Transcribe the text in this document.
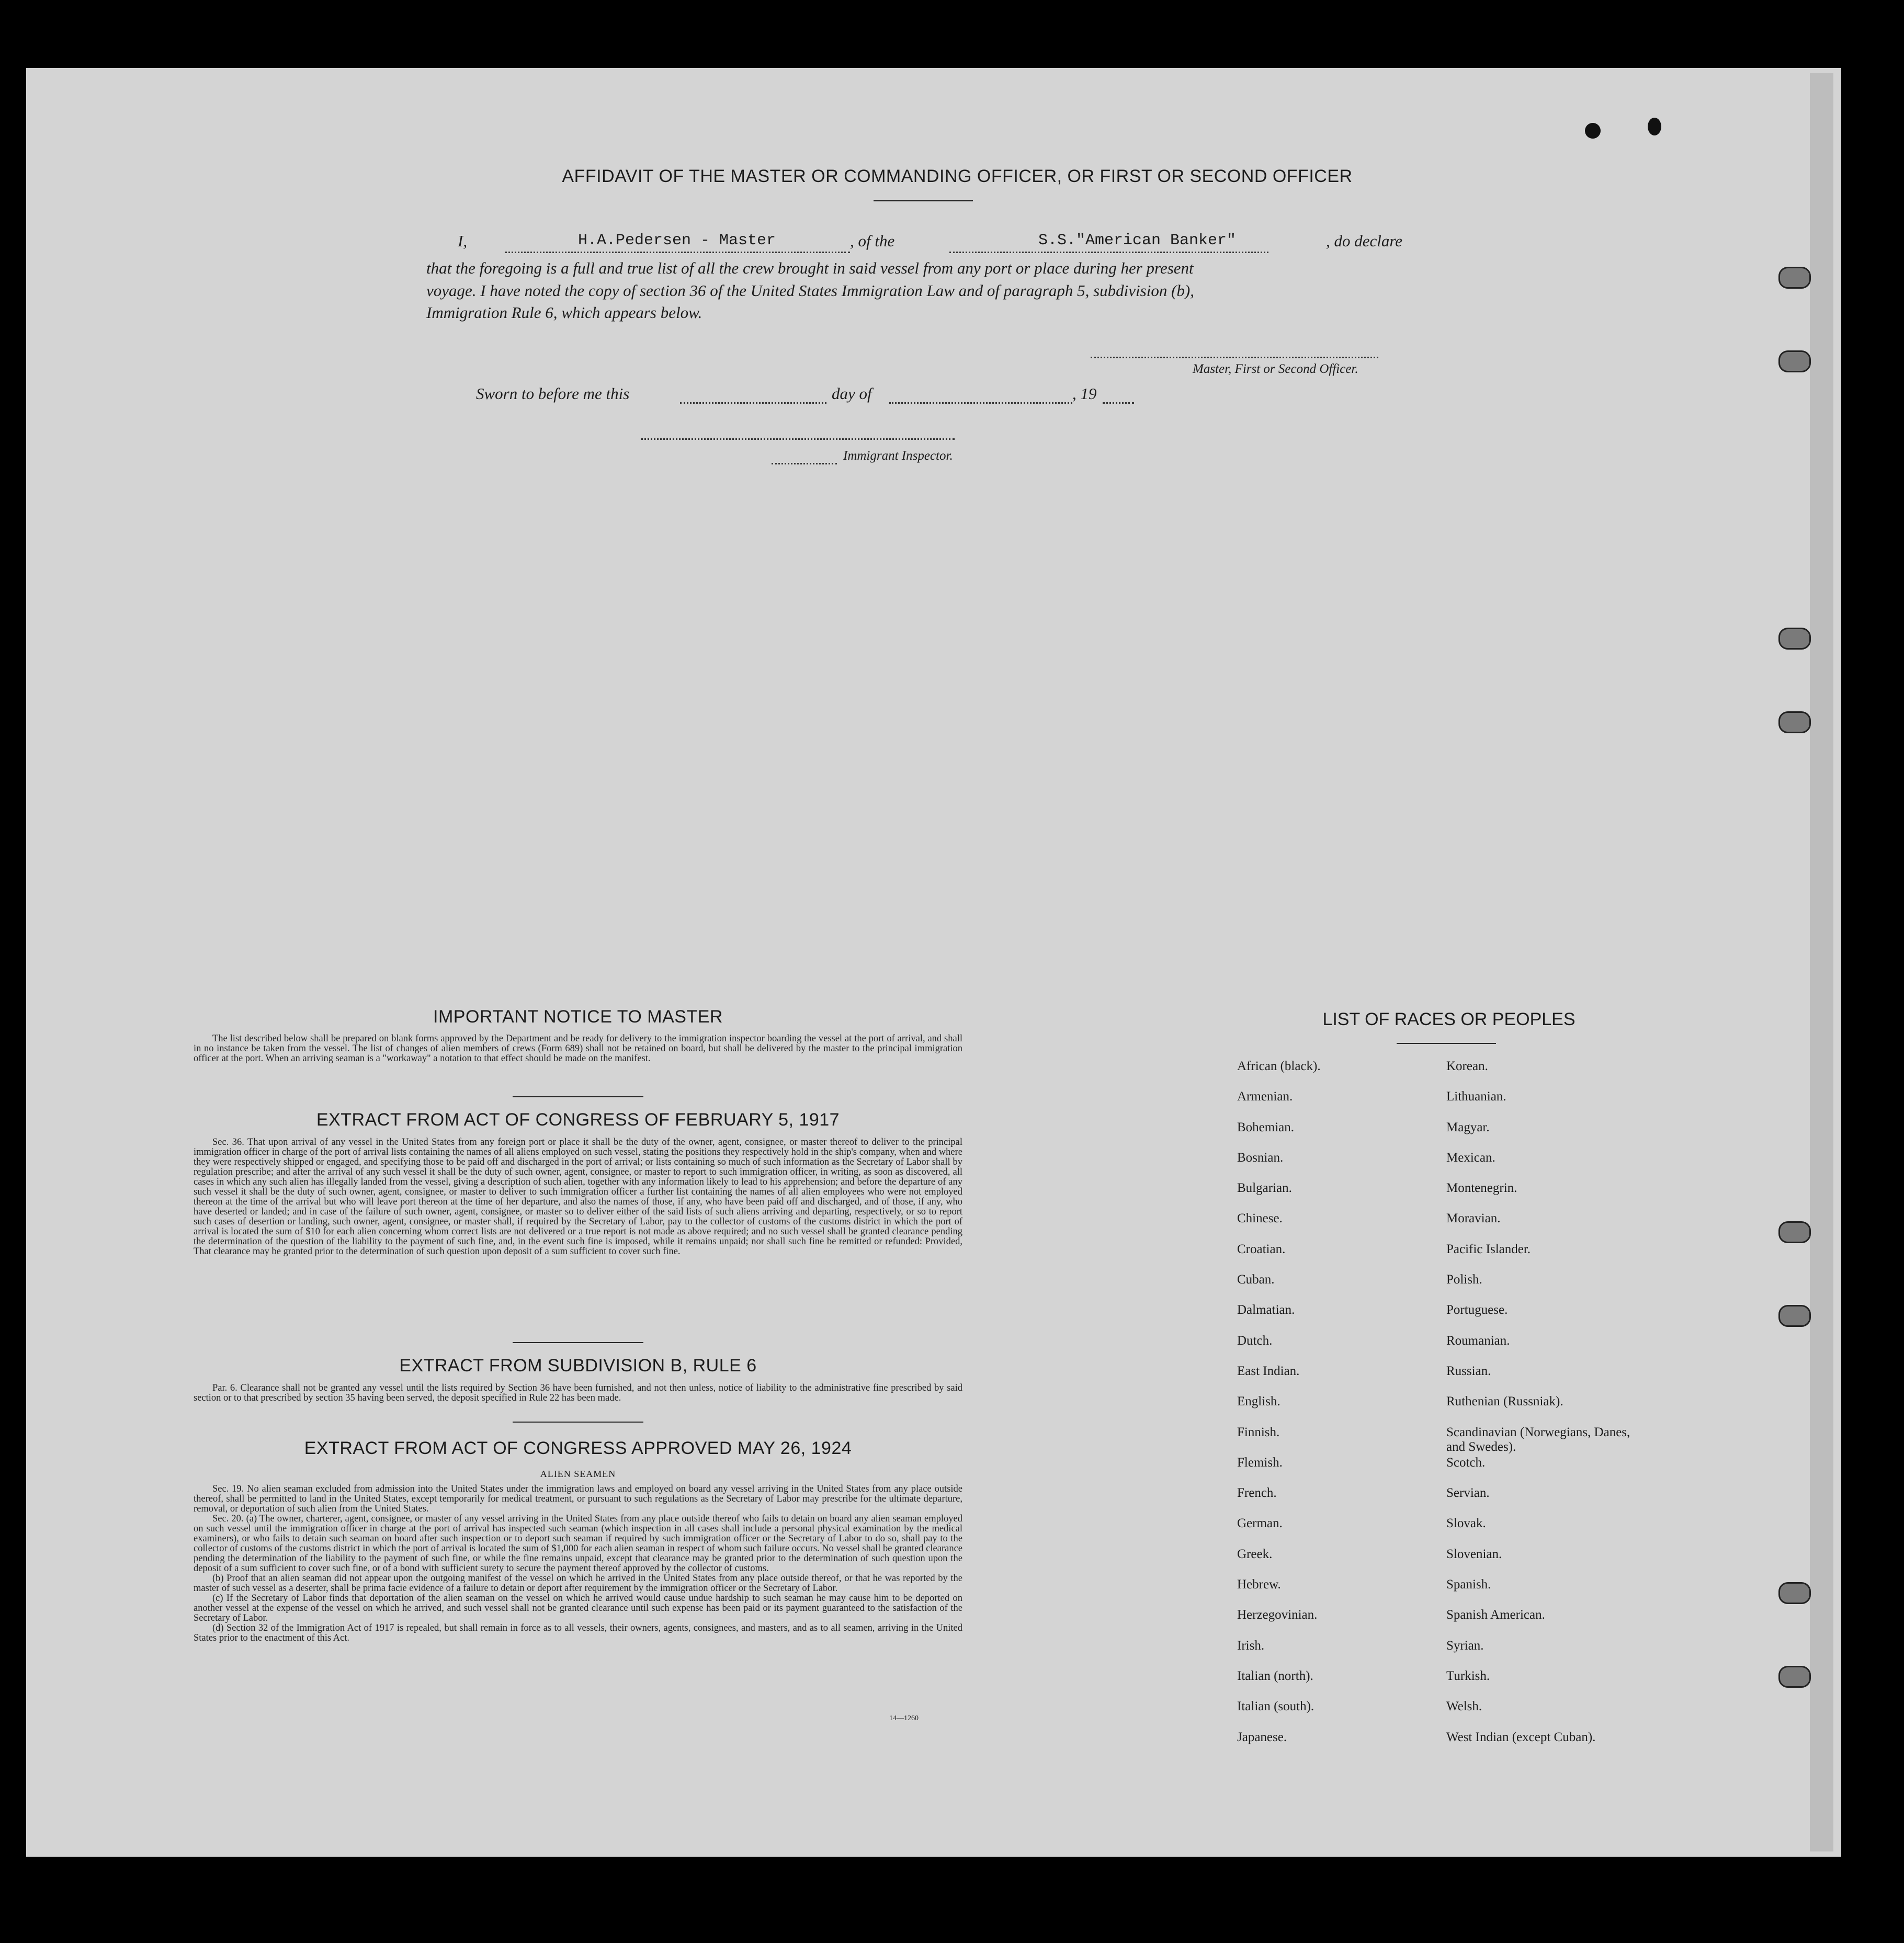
AFFIDAVIT OF THE MASTER OR COMMANDING OFFICER, OR FIRST OR SECOND OFFICER
I,	H.A.Pedersen - Master	, of the	S.S."American Banker"	, do declare
that the foregoing is a full and true list of all the crew brought in said vessel from any port or place during her present
voyage. I have noted the copy of section 36 of the United States Immigration Law and of paragraph 5, subdivision (b),
Immigration Rule 6, which appears below.
Master, First or Second Officer.
Sworn to before me this	day of	, 19
Immigrant Inspector.
IMPORTANT NOTICE TO MASTER

The list described below shall be prepared on blank forms approved by the Department and be ready for delivery to the immigration inspector boarding the vessel at the port of arrival, and shall in no instance be taken from the vessel. The list of changes of alien members of crews (Form 689) shall not be retained on board, but shall be delivered by the master to the principal immigration officer at the port. When an arriving seaman is a "workaway" a notation to that effect should be made on the manifest.

EXTRACT FROM ACT OF CONGRESS OF FEBRUARY 5, 1917

Sec. 36. That upon arrival of any vessel in the United States from any foreign port or place it shall be the duty of the owner, agent, consignee, or master thereof to deliver to the principal immigration officer in charge of the port of arrival lists containing the names of all aliens employed on such vessel, stating the positions they respectively hold in the ship's company, when and where they were respectively shipped or engaged, and specifying those to be paid off and discharged in the port of arrival; or lists containing so much of such information as the Secretary of Labor shall by regulation prescribe; and after the arrival of any such vessel it shall be the duty of such owner, agent, consignee, or master to report to such immigration officer, in writing, as soon as discovered, all cases in which any such alien has illegally landed from the vessel, giving a description of such alien, together with any information likely to lead to his apprehension; and before the departure of any such vessel it shall be the duty of such owner, agent, consignee, or master to deliver to such immigration officer a further list containing the names of all alien employees who were not employed thereon at the time of the arrival but who will leave port thereon at the time of her departure, and also the names of those, if any, who have been paid off and discharged, and of those, if any, who have deserted or landed; and in case of the failure of such owner, agent, consignee, or master so to deliver either of the said lists of such aliens arriving and departing, respectively, or so to report such cases of desertion or landing, such owner, agent, consignee, or master shall, if required by the Secretary of Labor, pay to the collector of customs of the customs district in which the port of arrival is located the sum of $10 for each alien concerning whom correct lists are not delivered or a true report is not made as above required; and no such vessel shall be granted clearance pending the determination of the question of the liability to the payment of such fine, and, in the event such fine is imposed, while it remains unpaid; nor shall such fine be remitted or refunded: Provided, That clearance may be granted prior to the determination of such question upon deposit of a sum sufficient to cover such fine.

EXTRACT FROM SUBDIVISION B, RULE 6

Par. 6. Clearance shall not be granted any vessel until the lists required by Section 36 have been furnished, and not then unless, notice of liability to the administrative fine prescribed by said section or to that prescribed by section 35 having been served, the deposit specified in Rule 22 has been made.

EXTRACT FROM ACT OF CONGRESS APPROVED MAY 26, 1924
ALIEN SEAMEN

Sec. 19. No alien seaman excluded from admission into the United States under the immigration laws and employed on board any vessel arriving in the United States from any place outside thereof, shall be permitted to land in the United States, except temporarily for medical treatment, or pursuant to such regulations as the Secretary of Labor may prescribe for the ultimate departure, removal, or deportation of such alien from the United States.

Sec. 20. (a) The owner, charterer, agent, consignee, or master of any vessel arriving in the United States from any place outside thereof who fails to detain on board any alien seaman employed on such vessel until the immigration officer in charge at the port of arrival has inspected such seaman (which inspection in all cases shall include a personal physical examination by the medical examiners), or who fails to detain such seaman on board after such inspection or to deport such seaman if required by such immigration officer or the Secretary of Labor to do so, shall pay to the collector of customs of the customs district in which the port of arrival is located the sum of $1,000 for each alien seaman in respect of whom such failure occurs. No vessel shall be granted clearance pending the determination of the liability to the payment of such fine, or while the fine remains unpaid, except that clearance may be granted prior to the determination of such question upon the deposit of a sum sufficient to cover such fine, or of a bond with sufficient surety to secure the payment thereof approved by the collector of customs.

(b) Proof that an alien seaman did not appear upon the outgoing manifest of the vessel on which he arrived in the United States from any place outside thereof, or that he was reported by the master of such vessel as a deserter, shall be prima facie evidence of a failure to detain or deport after requirement by the immigration officer or the Secretary of Labor.

(c) If the Secretary of Labor finds that deportation of the alien seaman on the vessel on which he arrived would cause undue hardship to such seaman he may cause him to be deported on another vessel at the expense of the vessel on which he arrived, and such vessel shall not be granted clearance until such expense has been paid or its payment guaranteed to the satisfaction of the Secretary of Labor.

(d) Section 32 of the Immigration Act of 1917 is repealed, but shall remain in force as to all vessels, their owners, agents, consignees, and masters, and as to all seamen, arriving in the United States prior to the enactment of this Act.

14—1260
LIST OF RACES OR PEOPLES
African (black).
Armenian.
Bohemian.
Bosnian.
Bulgarian.
Chinese.
Croatian.
Cuban.
Dalmatian.
Dutch.
East Indian.
English.
Finnish.
Flemish.
French.
German.
Greek.
Hebrew.
Herzegovinian.
Irish.
Italian (north).
Italian (south).
Japanese.
Korean.
Lithuanian.
Magyar.
Mexican.
Montenegrin.
Moravian.
Pacific Islander.
Polish.
Portuguese.
Roumanian.
Russian.
Ruthenian (Russniak).
Scandinavian (Norwegians, Danes, and Swedes).
Scotch.
Servian.
Slovak.
Slovenian.
Spanish.
Spanish American.
Syrian.
Turkish.
Welsh.
West Indian (except Cuban).
